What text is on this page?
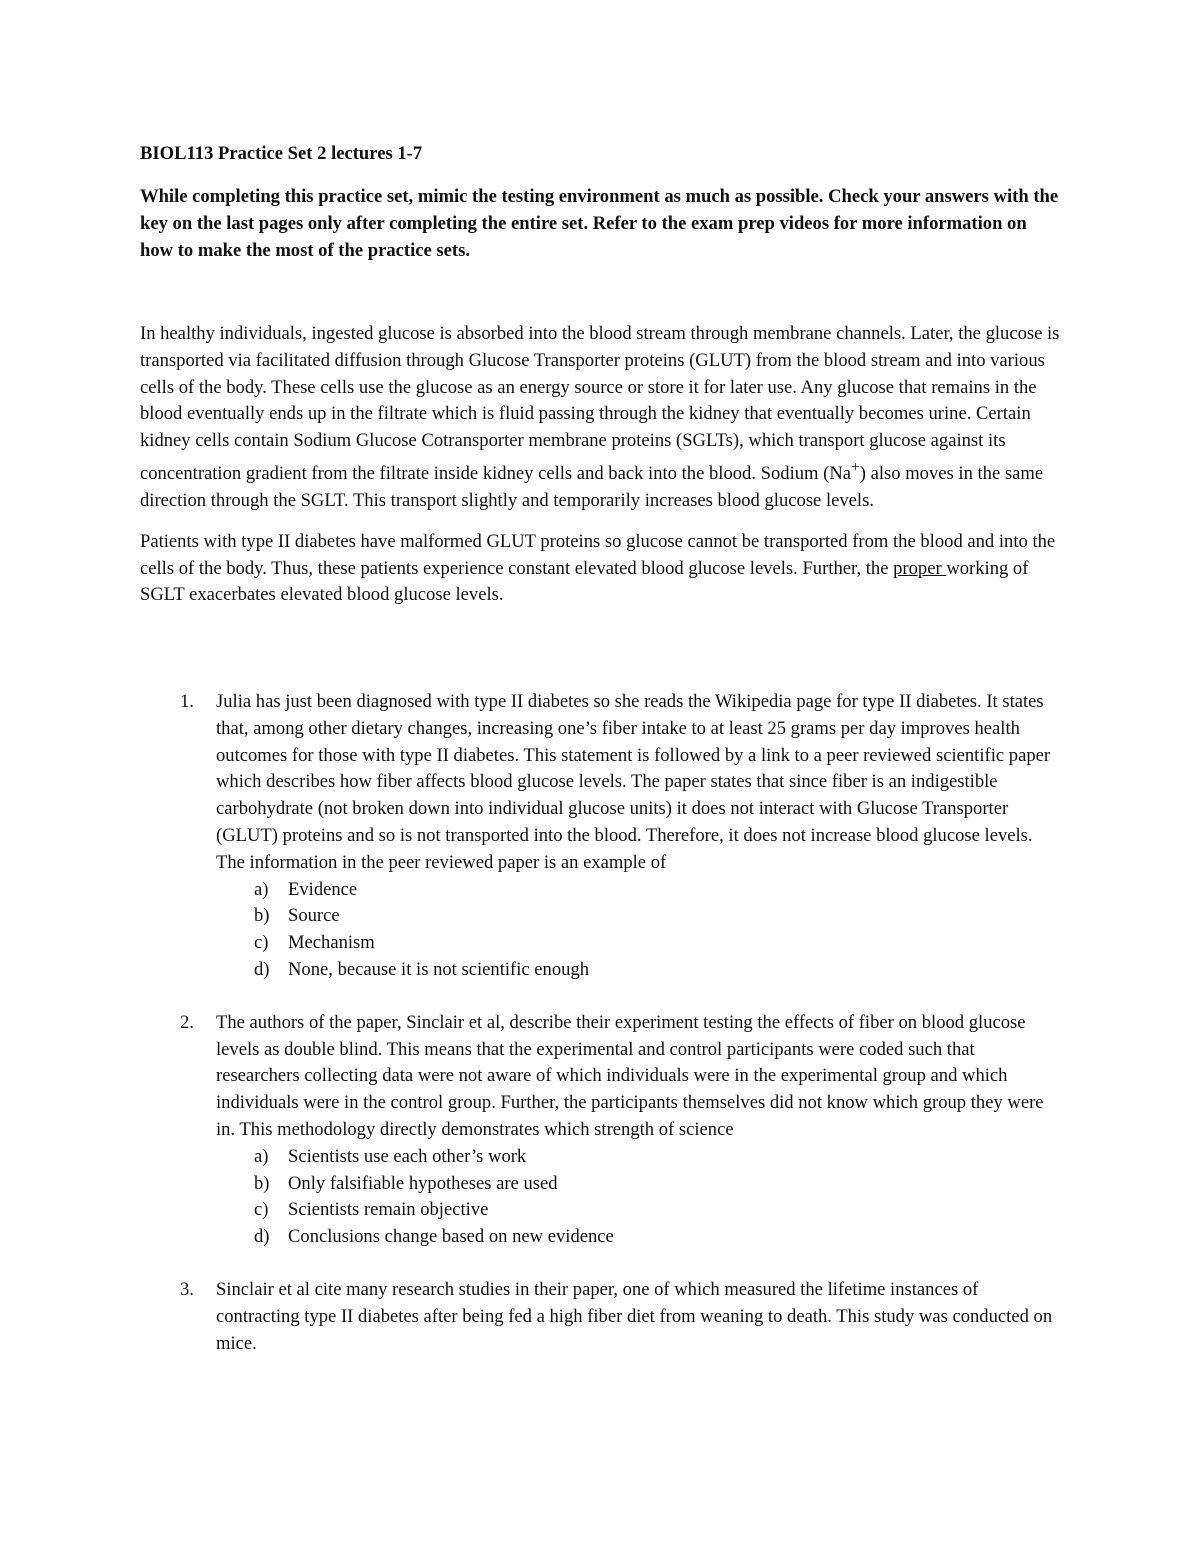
BIOL113 Practice Set 2 lectures 1-7

While completing this practice set, mimic the testing environment as much as possible. Check your answers with the key on the last pages only after completing the entire set. Refer to the exam prep videos for more information on how to make the most of the practice sets.

In healthy individuals, ingested glucose is absorbed into the blood stream through membrane channels. Later, the glucose is transported via facilitated diffusion through Glucose Transporter proteins (GLUT) from the blood stream and into various cells of the body. These cells use the glucose as an energy source or store it for later use. Any glucose that remains in the blood eventually ends up in the filtrate which is fluid passing through the kidney that eventually becomes urine. Certain kidney cells contain Sodium Glucose Cotransporter membrane proteins (SGLTs), which transport glucose against its concentration gradient from the filtrate inside kidney cells and back into the blood. Sodium (Na+) also moves in the same direction through the SGLT. This transport slightly and temporarily increases blood glucose levels.

Patients with type II diabetes have malformed GLUT proteins so glucose cannot be transported from the blood and into the cells of the body. Thus, these patients experience constant elevated blood glucose levels. Further, the proper working of SGLT exacerbates elevated blood glucose levels.

1. Julia has just been diagnosed with type II diabetes so she reads the Wikipedia page for type II diabetes. It states that, among other dietary changes, increasing one’s fiber intake to at least 25 grams per day improves health outcomes for those with type II diabetes. This statement is followed by a link to a peer reviewed scientific paper which describes how fiber affects blood glucose levels. The paper states that since fiber is an indigestible carbohydrate (not broken down into individual glucose units) it does not interact with Glucose Transporter (GLUT) proteins and so is not transported into the blood. Therefore, it does not increase blood glucose levels. The information in the peer reviewed paper is an example of
a) Evidence
b) Source
c) Mechanism
d) None, because it is not scientific enough
2. The authors of the paper, Sinclair et al, describe their experiment testing the effects of fiber on blood glucose levels as double blind. This means that the experimental and control participants were coded such that researchers collecting data were not aware of which individuals were in the experimental group and which individuals were in the control group. Further, the participants themselves did not know which group they were in. This methodology directly demonstrates which strength of science
a) Scientists use each other’s work
b) Only falsifiable hypotheses are used
c) Scientists remain objective
d) Conclusions change based on new evidence
3. Sinclair et al cite many research studies in their paper, one of which measured the lifetime instances of contracting type II diabetes after being fed a high fiber diet from weaning to death. This study was conducted on mice.
